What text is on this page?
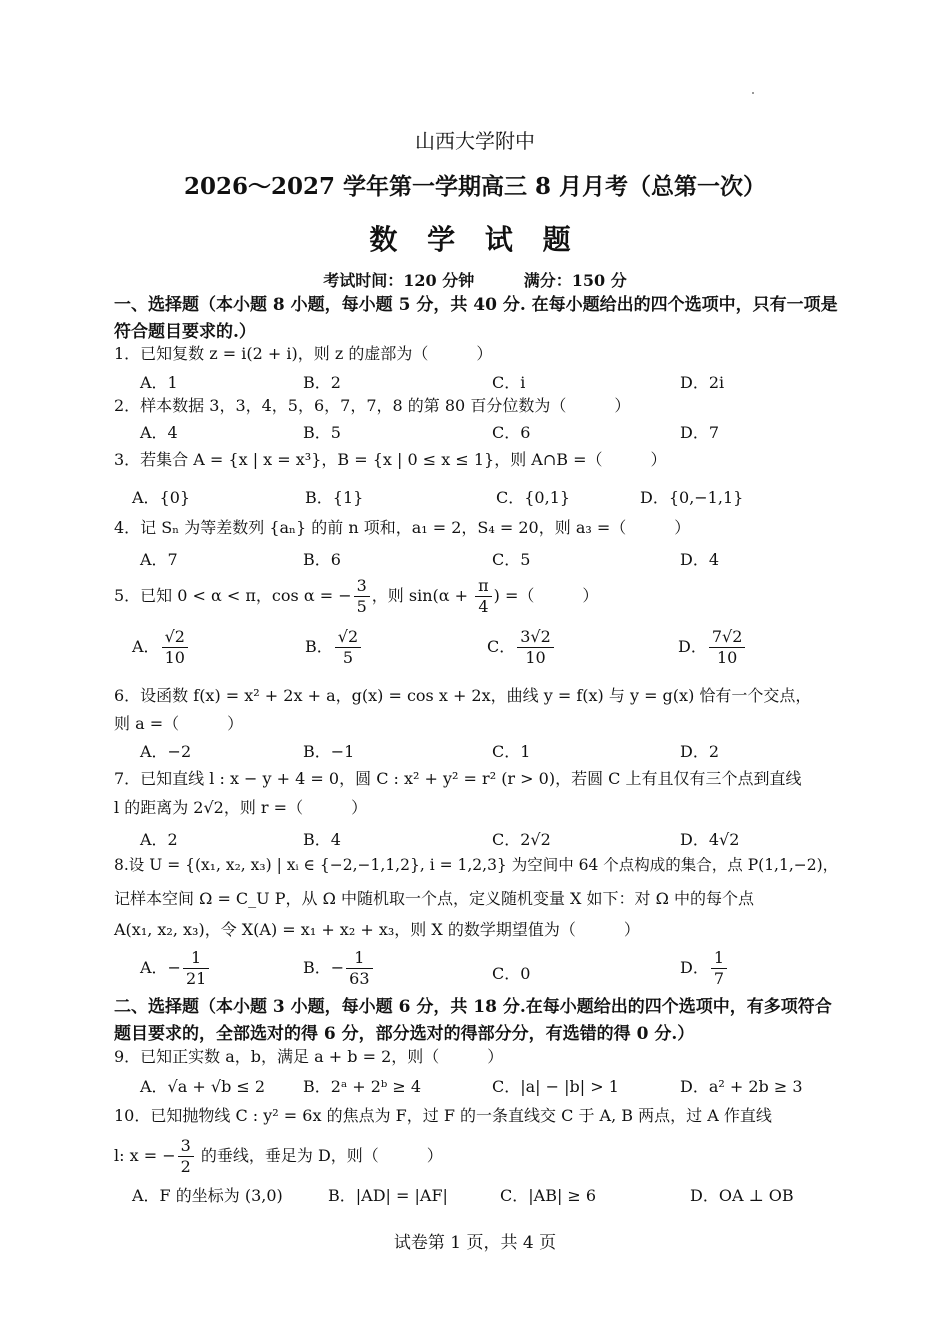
山西大学附中
2026～2027 学年第一学期高三 8 月月考（总第一次）
数 学 试 题
考试时间：120 分钟	满分：150 分
一、选择题（本小题 8 小题，每小题 5 分，共 40 分. 在每小题给出的四个选项中，只有一项是符合题目要求的.）
1．已知复数 z = i(2 + i)，则 z 的虚部为（　　　）
A．1	B．2	C．i	D．2i
2．样本数据 3，3，4，5，6，7，7，8 的第 80 百分位数为（　　　）
A．4	B．5	C．6	D．7
3．若集合 A = {x | x = x³}，B = {x | 0 ≤ x ≤ 1}，则 A∩B =（　　　）
A．{0}	B．{1}	C．{0,1}	D．{0,−1,1}
4．记 Sₙ 为等差数列 {aₙ} 的前 n 项和，a₁ = 2，S₄ = 20，则 a₃ =（　　　）
A．7	B．6	C．5	D．4
5．已知 0 < α < π，cos α = − $\frac{3}{5}$ ，则 $\sin(\alpha + \frac{\pi}{4}$ ) =（　　　）
A． $\frac{√2}{10}$	B． $\frac{√2}{5}$	C． $\frac{3√2}{10}$	D． $\frac{7√2}{10}$
6．设函数 f(x) = x² + 2x + a，g(x) = cos x + 2x，曲线 y = f(x) 与 y = g(x) 恰有一个交点，
则 a =（　　　）
A．−2	B．−1	C．1	D．2
7．已知直线 l : x − y + 4 = 0，圆 C : x² + y² = r² (r > 0)，若圆 C 上有且仅有三个点到直线
l 的距离为 2√2，则 r =（　　　）
A．2	B．4	C．2√2	D．4√2
8.设 U = {(x₁, x₂, x₃) | xᵢ ∈ {−2,−1,1,2}, i = 1,2,3} 为空间中 64 个点构成的集合，点 P(1,1,−2)，
记样本空间 Ω = C_U P，从 Ω 中随机取一个点，定义随机变量 X 如下：对 Ω 中的每个点
A(x₁, x₂, x₃)，令 X(A) = x₁ + x₂ + x₃，则 X 的数学期望值为（　　　）
A．− $\frac{1}{21}$	B．− $\frac{1}{63}$	C．0	D． $\frac{1}{7}$
二、选择题（本小题 3 小题，每小题 6 分，共 18 分.在每小题给出的四个选项中，有多项符合题目要求的，全部选对的得 6 分，部分选对的得部分分，有选错的得 0 分.）
9．已知正实数 a，b，满足 a + b = 2，则（　　　）
A．√a + √b ≤ 2 B．2ᵃ + 2ᵇ ≥ 4	C．|a| − |b| > 1	D．a² + 2b ≥ 3
10．已知抛物线 C : y² = 6x 的焦点为 F，过 F 的一条直线交 C 于 A, B 两点，过 A 作直线
l: x = − $\frac{3}{2}$ 的垂线，垂足为 D，则（　　　）
A．F 的坐标为 (3,0)	B．|AD| = |AF|	C．|AB| ≥ 6	D．OA ⊥ OB
试卷第 1 页，共 4 页
